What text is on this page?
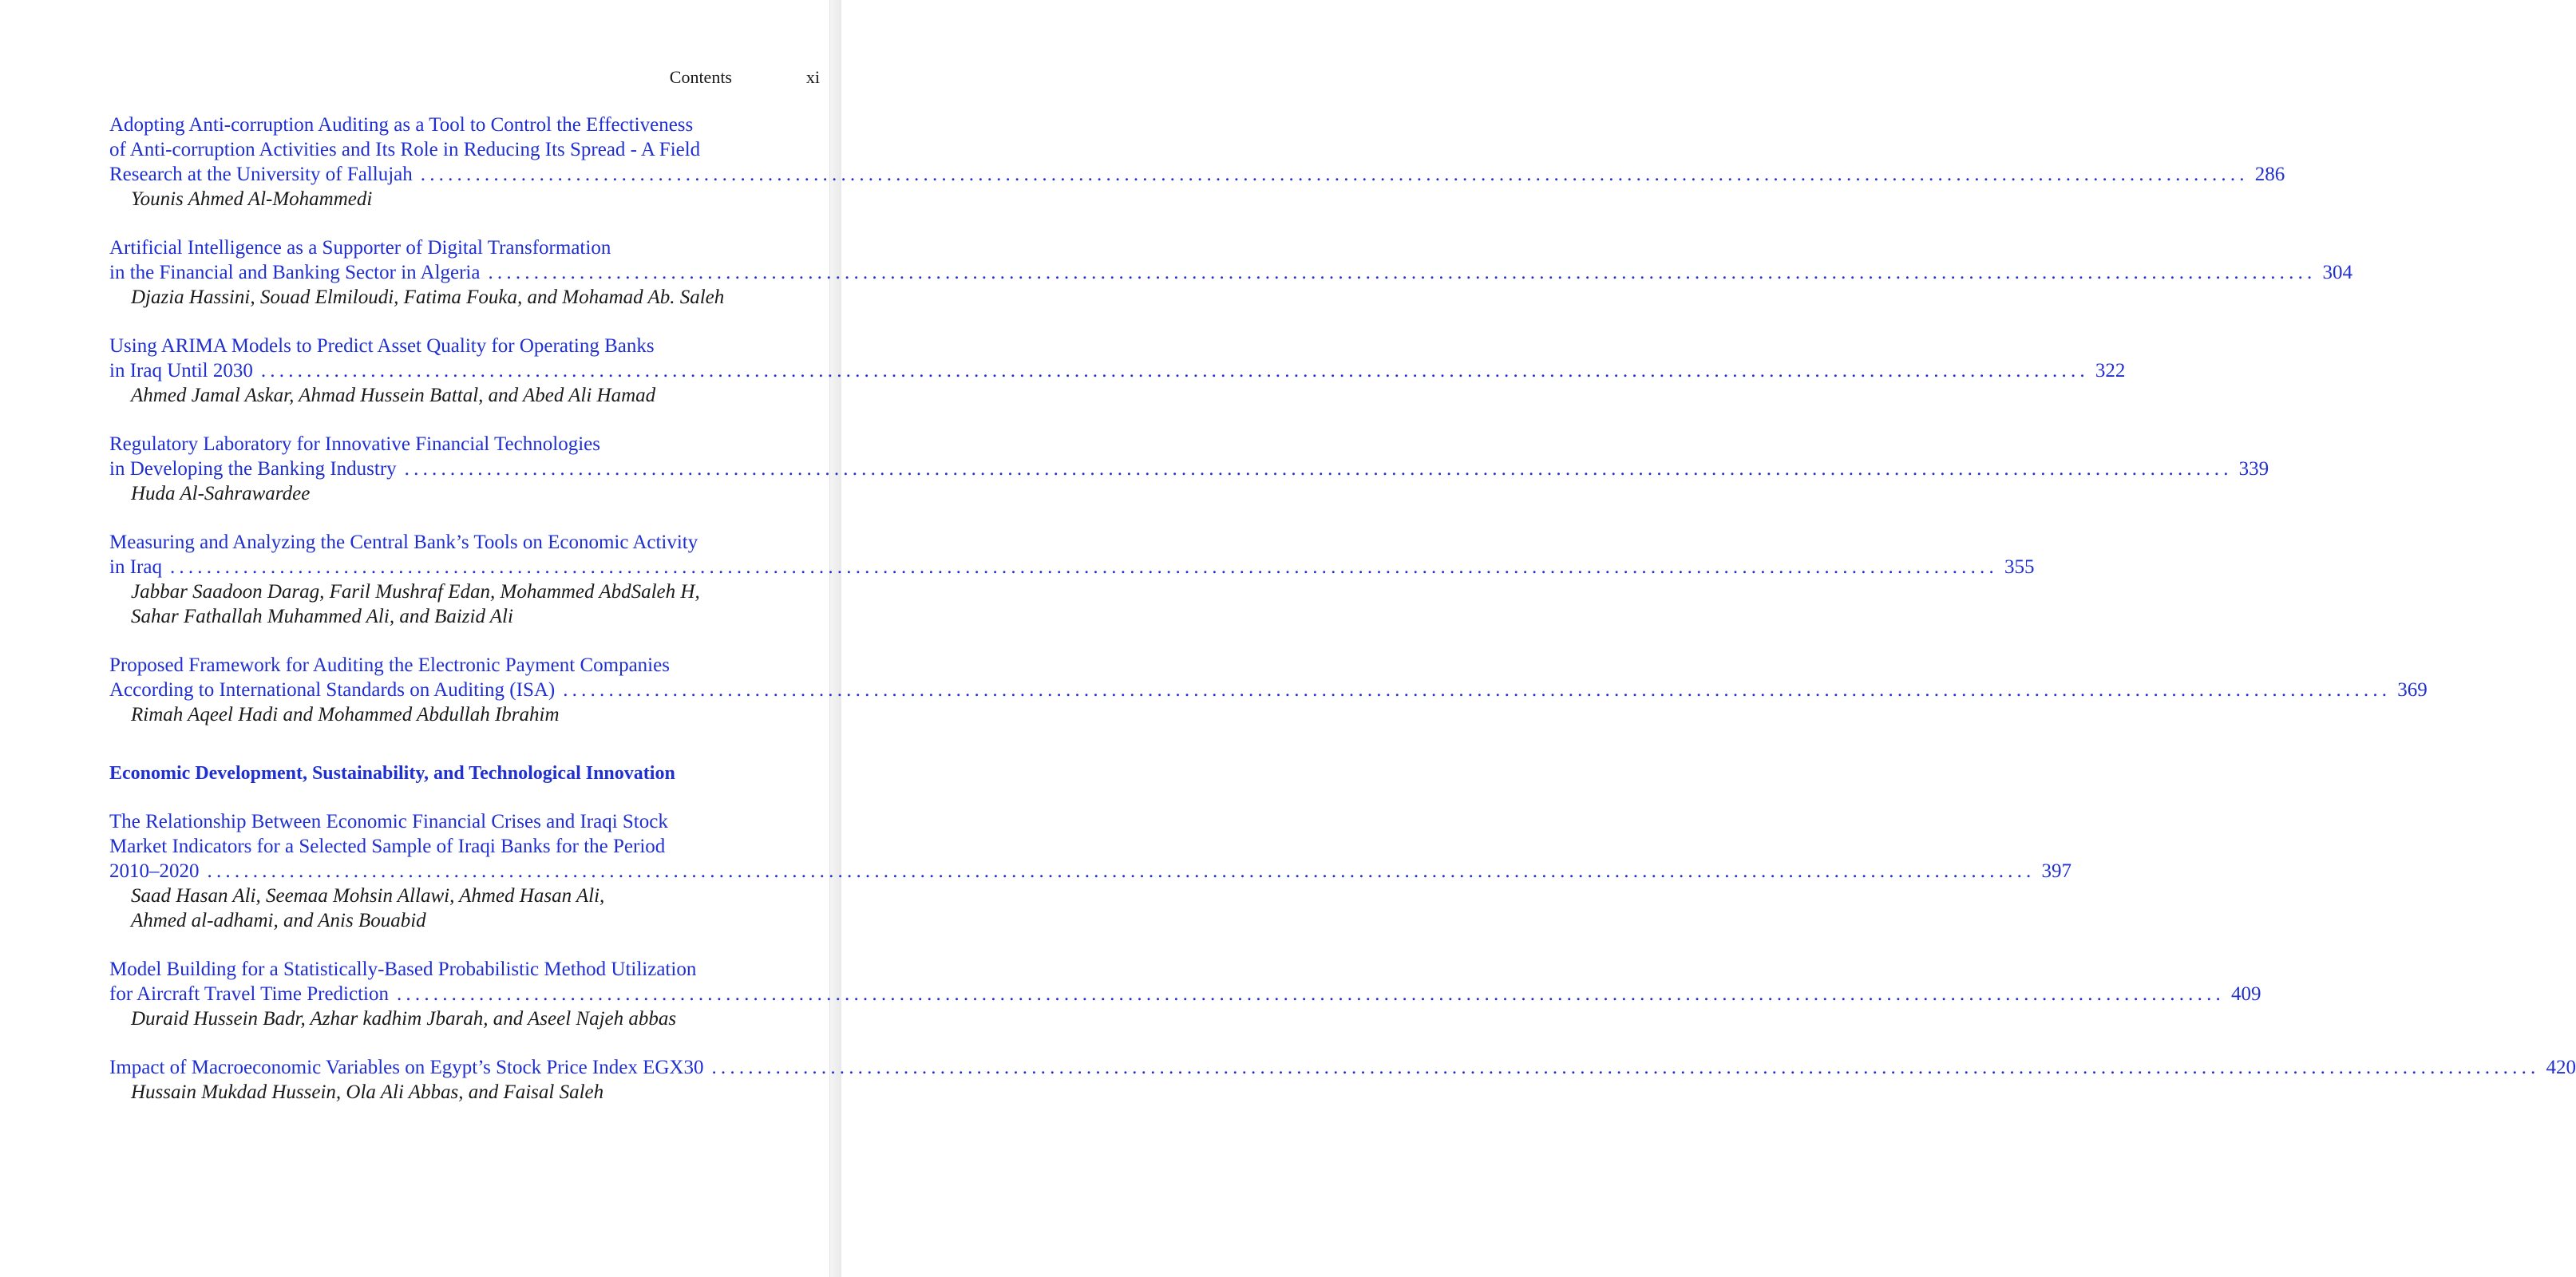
Contents	xi
Adopting Anti-corruption Auditing as a Tool to Control the Effectiveness
of Anti-corruption Activities and Its Role in Reducing Its Spread - A Field
Research at the University of Fallujah ........................................................................................................................................................................................................ 286
Younis Ahmed Al-Mohammedi
Artificial Intelligence as a Supporter of Digital Transformation
in the Financial and Banking Sector in Algeria ........................................................................................................................................................................................................ 304
Djazia Hassini, Souad Elmiloudi, Fatima Fouka, and Mohamad Ab. Saleh
Using ARIMA Models to Predict Asset Quality for Operating Banks
in Iraq Until 2030 ........................................................................................................................................................................................................ 322
Ahmed Jamal Askar, Ahmad Hussein Battal, and Abed Ali Hamad
Regulatory Laboratory for Innovative Financial Technologies
in Developing the Banking Industry ........................................................................................................................................................................................................ 339
Huda Al-Sahrawardee
Measuring and Analyzing the Central Bank’s Tools on Economic Activity
in Iraq ........................................................................................................................................................................................................ 355
Jabbar Saadoon Darag, Faril Mushraf Edan, Mohammed AbdSaleh H,
Sahar Fathallah Muhammed Ali, and Baizid Ali
Proposed Framework for Auditing the Electronic Payment Companies
According to International Standards on Auditing (ISA) ........................................................................................................................................................................................................ 369
Rimah Aqeel Hadi and Mohammed Abdullah Ibrahim
Economic Development, Sustainability, and Technological Innovation
The Relationship Between Economic Financial Crises and Iraqi Stock
Market Indicators for a Selected Sample of Iraqi Banks for the Period
2010–2020 ........................................................................................................................................................................................................ 397
Saad Hasan Ali, Seemaa Mohsin Allawi, Ahmed Hasan Ali,
Ahmed al-adhami, and Anis Bouabid
Model Building for a Statistically-Based Probabilistic Method Utilization
for Aircraft Travel Time Prediction ........................................................................................................................................................................................................ 409
Duraid Hussein Badr, Azhar kadhim Jbarah, and Aseel Najeh abbas
Impact of Macroeconomic Variables on Egypt’s Stock Price Index EGX30 ........................................................................................................................................................................................................ 420
Hussain Mukdad Hussein, Ola Ali Abbas, and Faisal Saleh
